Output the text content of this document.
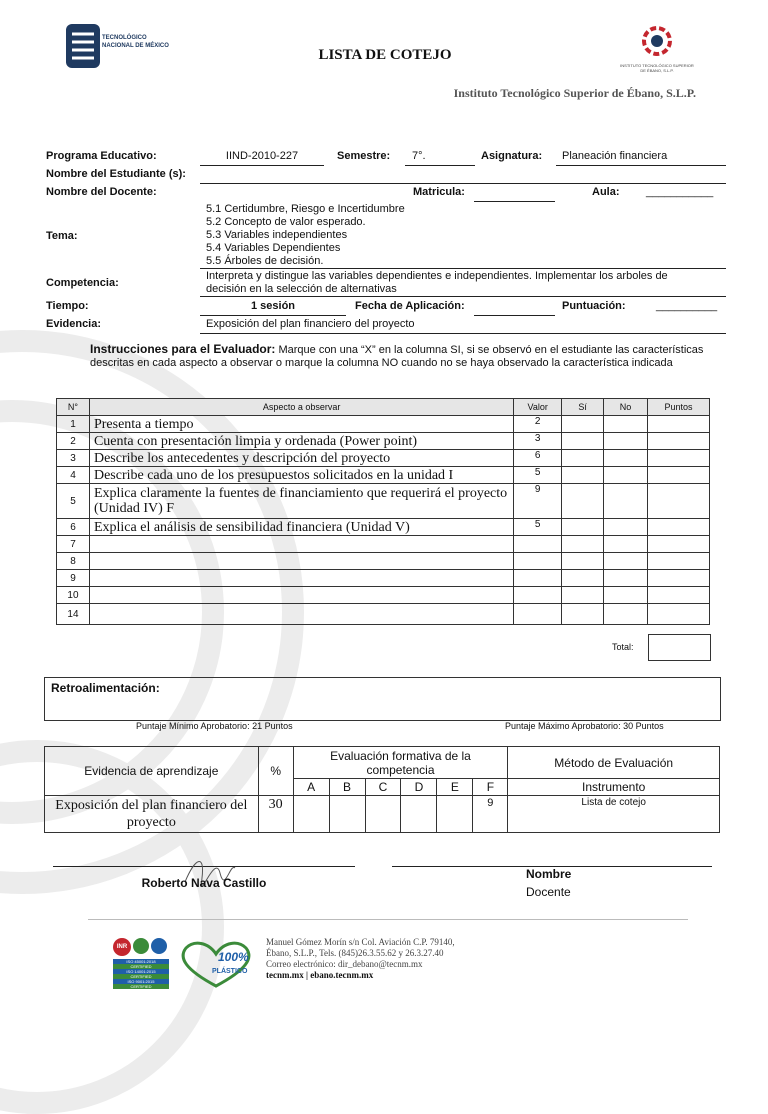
TECNOLÓGICO
NACIONAL DE MÉXICO
LISTA DE COTEJO
INSTITUTO TECNOLÓGICO SUPERIOR
DE ÉBANO, S.L.P.
Instituto Tecnológico Superior de Ébano, S.L.P.
Programa Educativo:	IIND-2010-227	Semestre: 7°.	Asignatura: Planeación financiera
Nombre del Estudiante (s):
Nombre del Docente:	Matricula:	Aula: ___________
Tema:
5.1 Certidumbre, Riesgo e Incertidumbre
5.2 Concepto de valor esperado.
5.3 Variables independientes
5.4 Variables Dependientes
5.5 Árboles de decisión.
Competencia:
Interpreta y distingue las variables dependientes e independientes. Implementar los arboles de
decisión en la selección de alternativas
Tiempo:	1 sesión	Fecha de Aplicación:	Puntuación:	__________
Evidencia:	Exposición del plan financiero del proyecto
Instrucciones para el Evaluador: Marque con una “X” en la columna SI, si se observó en el estudiante las características descritas en cada aspecto a observar o marque la columna NO cuando no se haya observado la característica indicada
N°	Aspecto a observar	Valor	Sí	No	Puntos
1	Presenta a tiempo	2			
2	Cuenta con presentación limpia y ordenada (Power point)	3			
3	Describe los antecedentes y descripción del proyecto	6			
4	Describe cada uno de los presupuestos solicitados en la unidad I	5			
5	Explica claramente la fuentes de financiamiento que requerirá el proyecto (Unidad IV) F	9			
6	Explica el análisis de sensibilidad financiera (Unidad V)	5			
7					
8					
9					
10					
14					
Total:
Retroalimentación:
Puntaje Mínimo Aprobatorio: 21 Puntos	Puntaje Máximo Aprobatorio: 30 Puntos
Evidencia de aprendizaje	%	Evaluación formativa de la competencia						Método de Evaluación
		A	B	C	D	E	F	Instrumento
Exposición del plan financiero del proyecto	30						9	Lista de cotejo
Roberto Nava Castillo
Nombre
Docente
INR
ISO 45001:2018
CERTIFIED
ISO 14001:2015
CERTIFIED
ISO 9001:2015
CERTIFIED
100%
PLÁSTICO
Manuel Gómez Morín s/n Col. Aviación C.P. 79140,
Ébano, S.L.P., Tels. (845)26.3.55.62 y 26.3.27.40
Correo electrónico: dir_debano@tecnm.mx
tecnm.mx | ebano.tecnm.mx
